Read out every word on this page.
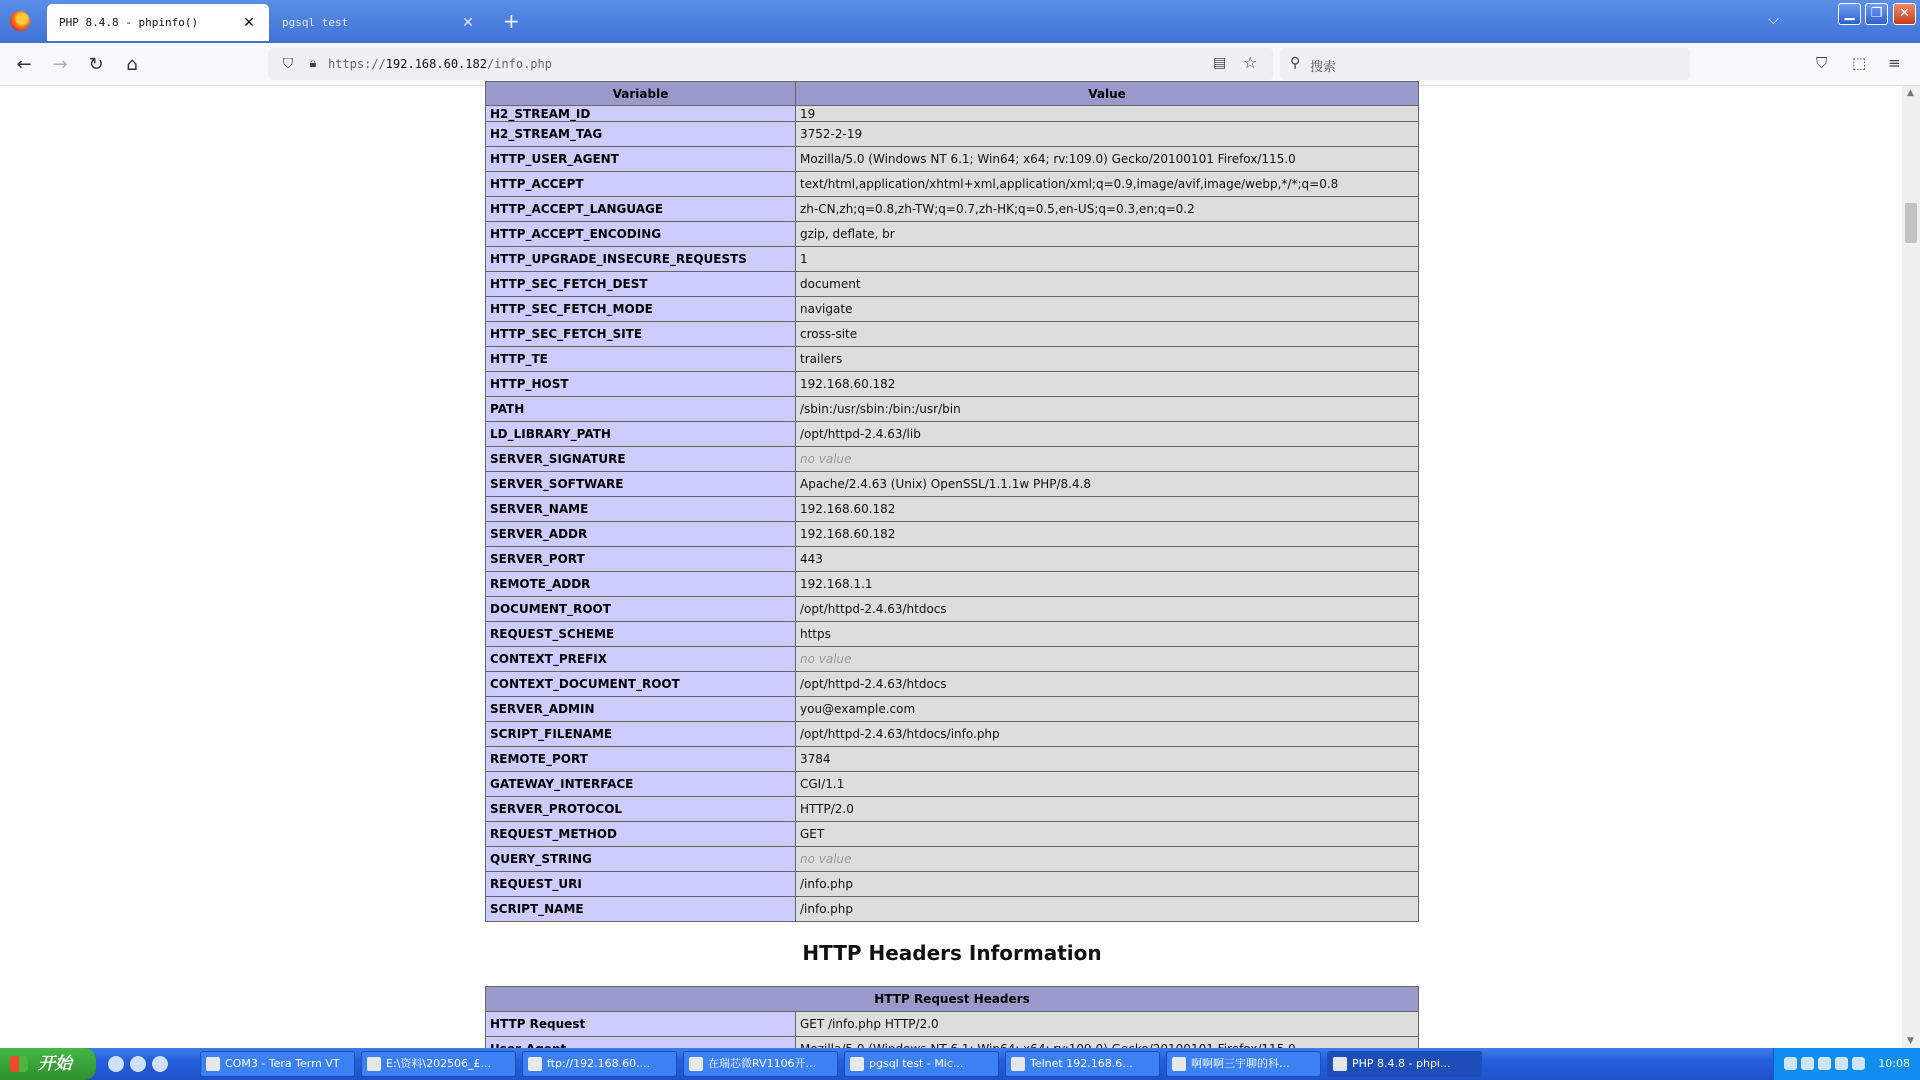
PHP 8.4.8 - phpinfo()	✕ pgsql test	✕ +	⌵	▁	❐	✕
← → ↻	⌂	⛉	🔒︎ https://192.168.60.182/info.php	▤ ☆ ⚲ 搜索	⛉ ⬚ ≡
Variable	Value
H2_STREAM_ID	19
H2_STREAM_TAG	3752-2-19
HTTP_USER_AGENT	Mozilla/5.0 (Windows NT 6.1; Win64; x64; rv:109.0) Gecko/20100101 Firefox/115.0
HTTP_ACCEPT	text/html,application/xhtml+xml,application/xml;q=0.9,image/avif,image/webp,*/*;q=0.8
HTTP_ACCEPT_LANGUAGE	zh-CN,zh;q=0.8,zh-TW;q=0.7,zh-HK;q=0.5,en-US;q=0.3,en;q=0.2
HTTP_ACCEPT_ENCODING	gzip, deflate, br
HTTP_UPGRADE_INSECURE_REQUESTS	1
HTTP_SEC_FETCH_DEST	document
HTTP_SEC_FETCH_MODE	navigate
HTTP_SEC_FETCH_SITE	cross-site
HTTP_TE	trailers
HTTP_HOST	192.168.60.182
PATH	/sbin:/usr/sbin:/bin:/usr/bin
LD_LIBRARY_PATH	/opt/httpd-2.4.63/lib
SERVER_SIGNATURE	no value
SERVER_SOFTWARE	Apache/2.4.63 (Unix) OpenSSL/1.1.1w PHP/8.4.8
SERVER_NAME	192.168.60.182
SERVER_ADDR	192.168.60.182
SERVER_PORT	443
REMOTE_ADDR	192.168.1.1
DOCUMENT_ROOT	/opt/httpd-2.4.63/htdocs
REQUEST_SCHEME	https
CONTEXT_PREFIX	no value
CONTEXT_DOCUMENT_ROOT	/opt/httpd-2.4.63/htdocs
SERVER_ADMIN	you@example.com
SCRIPT_FILENAME	/opt/httpd-2.4.63/htdocs/info.php
REMOTE_PORT	3784
GATEWAY_INTERFACE	CGI/1.1
SERVER_PROTOCOL	HTTP/2.0
REQUEST_METHOD	GET
QUERY_STRING	no value
REQUEST_URI	/info.php
SCRIPT_NAME	/info.php
HTTP Headers Information
HTTP Request Headers	
HTTP Request	GET /info.php HTTP/2.0

▲
▼
开始	COM3 - Tera Term VT	E:\资料\202506_£...	ftp://192.168.60....	在瑞芯微RV1106开...	pgsql test - Mic...	Telnet 192.168.6...	啊啊啊三宇聊的科...	PHP 8.4.8 - phpi...	10:08
